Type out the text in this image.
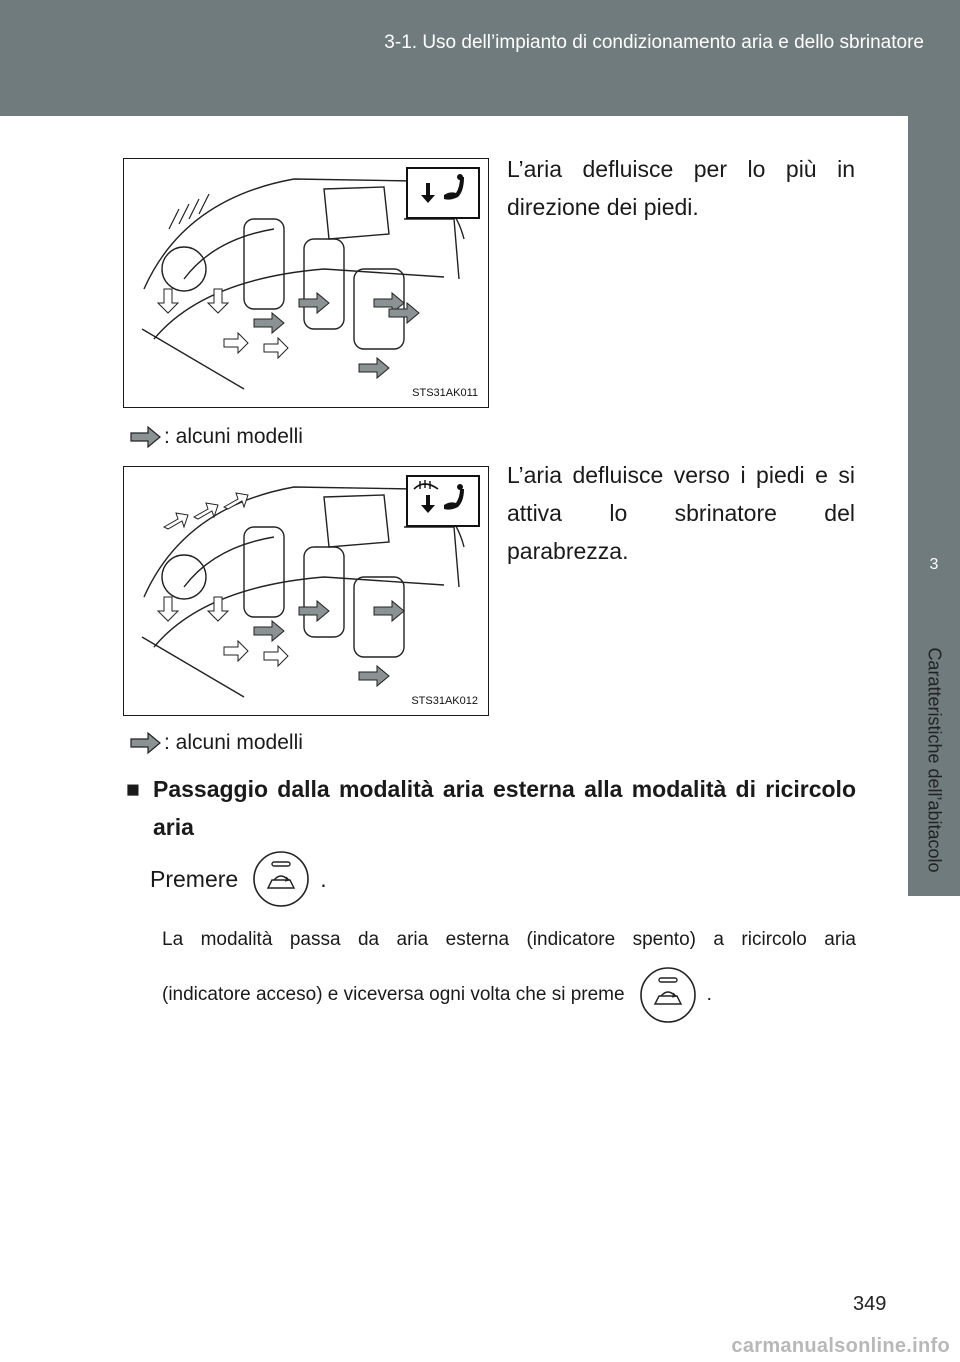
3-1. Uso dell’impianto di condizionamento aria e dello sbrinatore
3
Caratteristiche dell’abitacolo
STS31AK011
L’aria defluisce per lo più in direzione dei piedi.
: alcuni modelli
STS31AK012
L’aria defluisce verso i piedi e si attiva lo sbrinatore del parabrezza.
: alcuni modelli
■ Passaggio dalla modalità aria esterna alla modalità di ricircolo aria
Premere	.
La modalità passa da aria esterna (indicatore spento) a ricircolo aria
(indicatore acceso) e viceversa ogni volta che si preme	.
349
carmanualsonline.info
